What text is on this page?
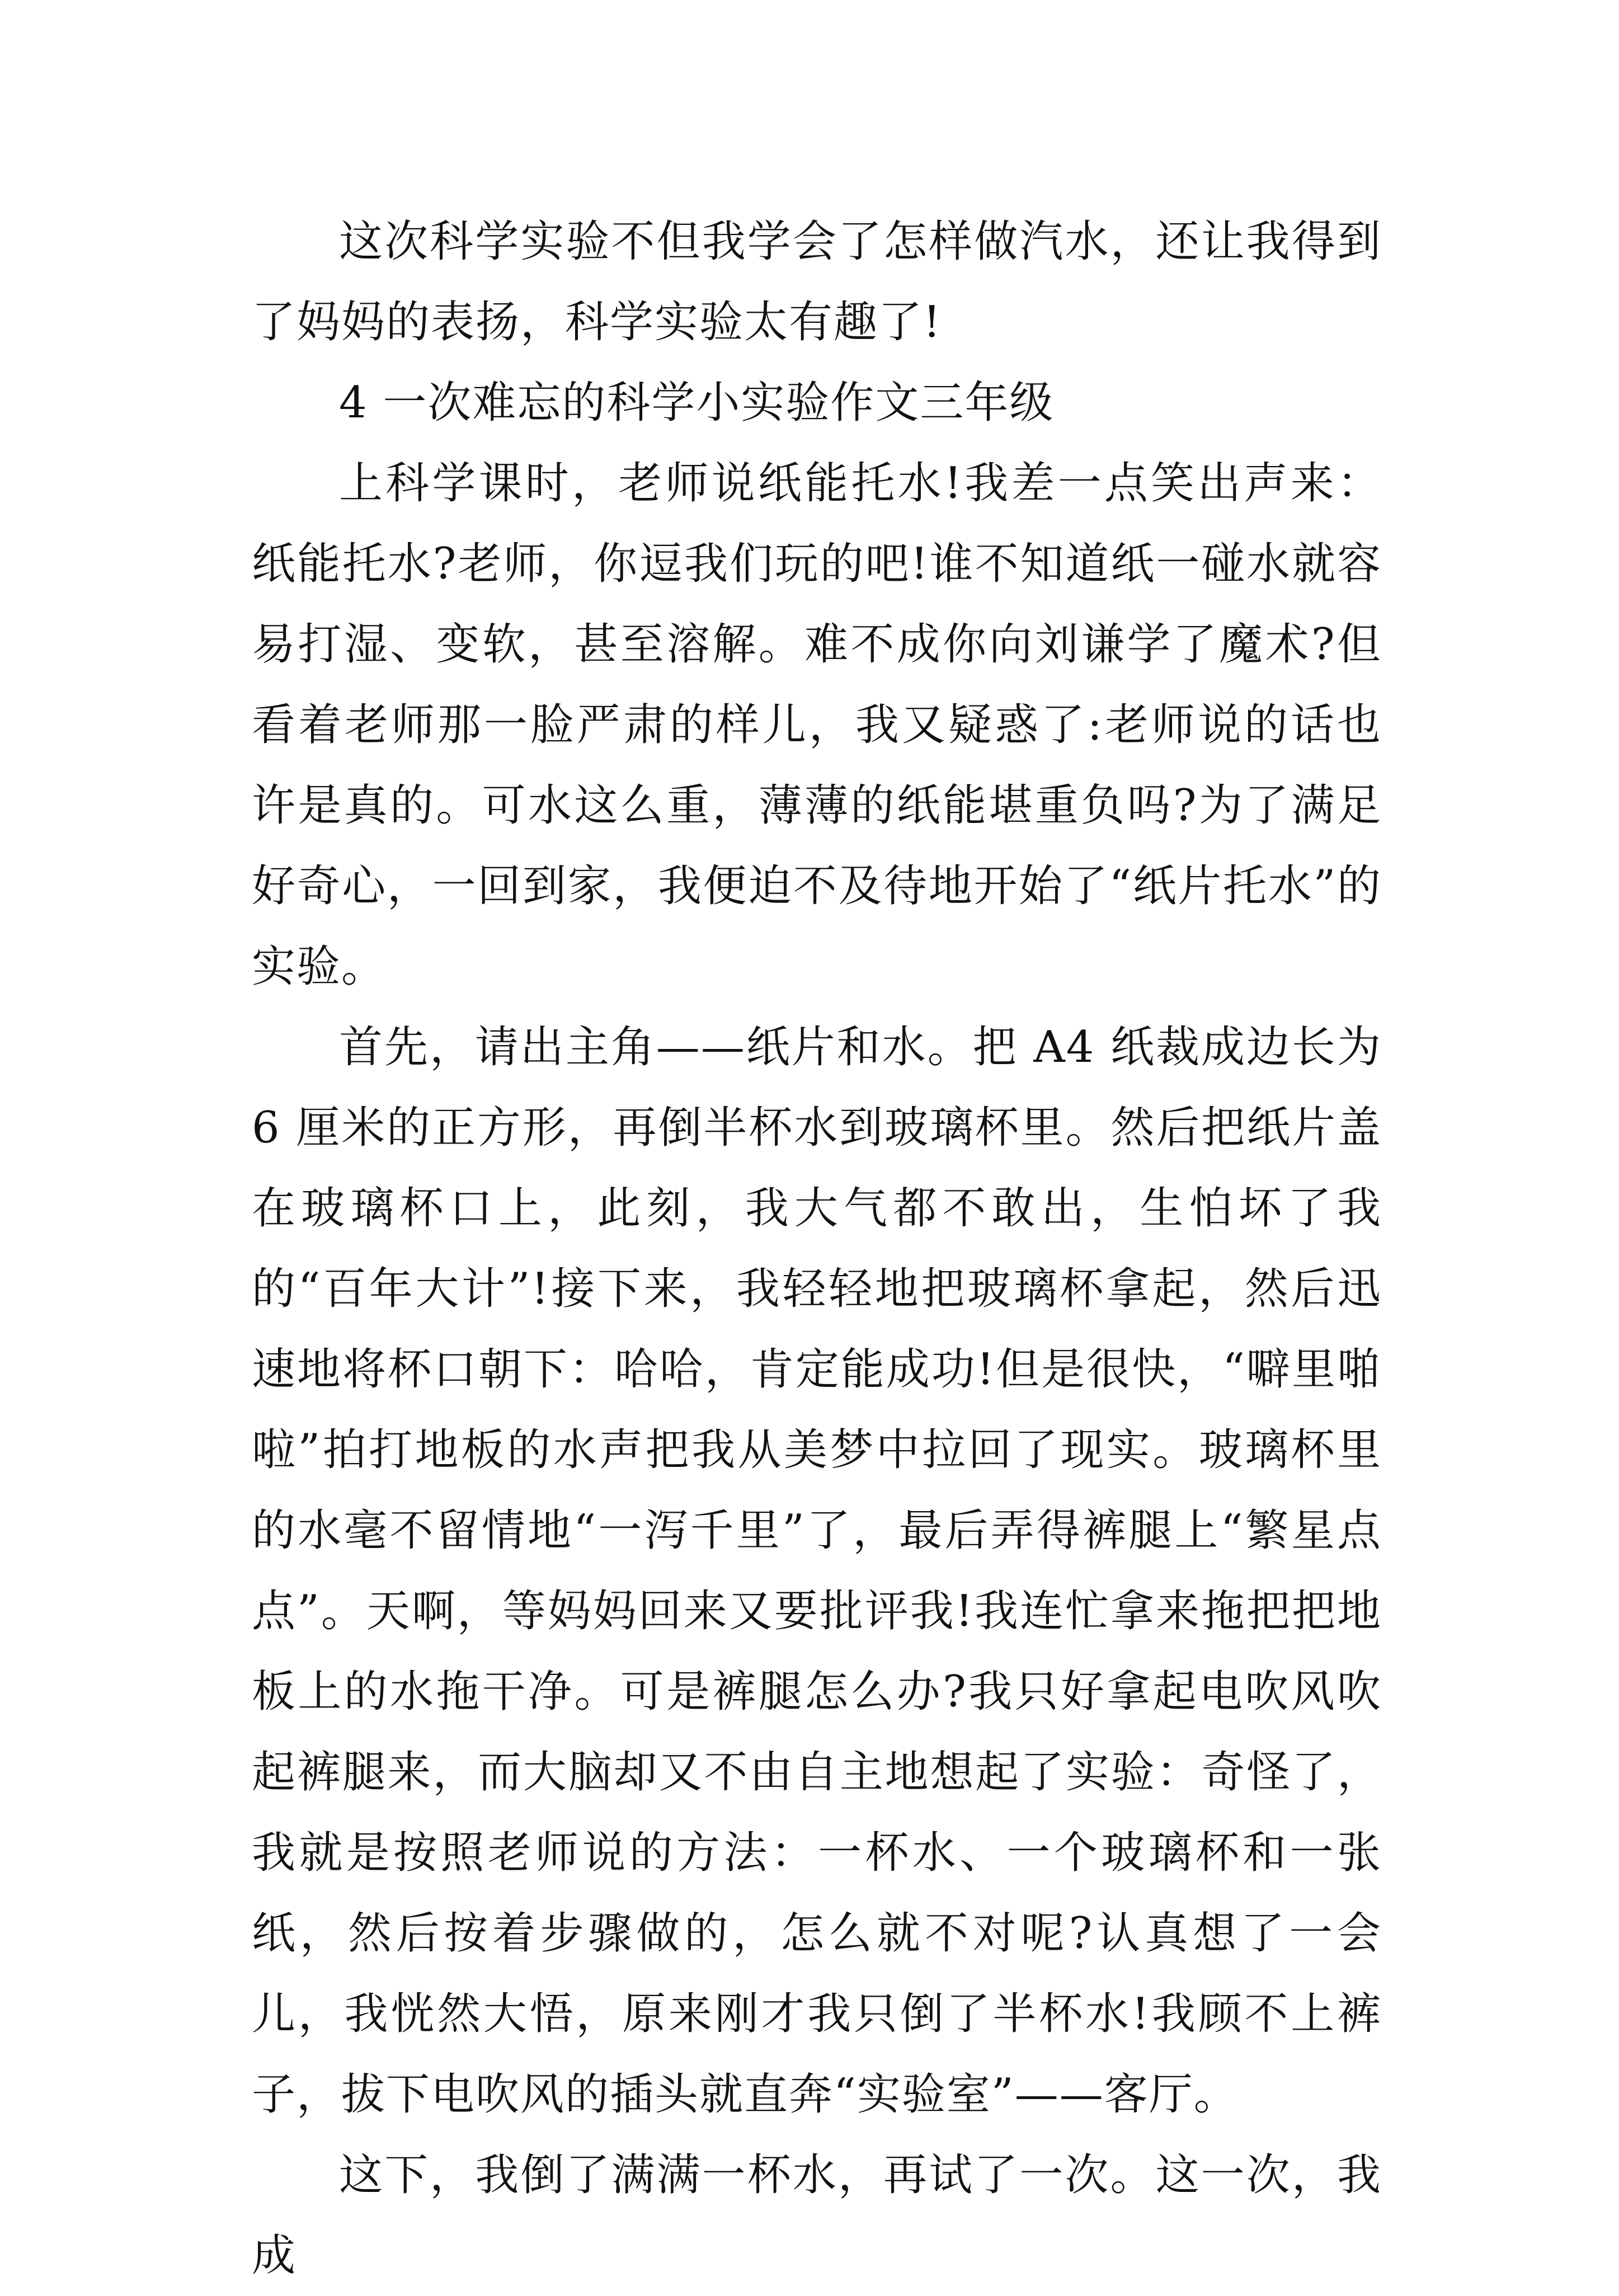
这次科学实验不但我学会了怎样做汽水，还让我得到了妈妈的表扬，科学实验太有趣了!

4 一次难忘的科学小实验作文三年级

上科学课时，老师说纸能托水!我差一点笑出声来：纸能托水?老师，你逗我们玩的吧!谁不知道纸一碰水就容易打湿、变软，甚至溶解。难不成你向刘谦学了魔术?但看着老师那一脸严肃的样儿，我又疑惑了:老师说的话也许是真的。可水这么重，薄薄的纸能堪重负吗?为了满足好奇心，一回到家，我便迫不及待地开始了“纸片托水”的实验。

首先，请出主角——纸片和水。把 A4 纸裁成边长为 6 厘米的正方形，再倒半杯水到玻璃杯里。然后把纸片盖在玻璃杯口上，此刻，我大气都不敢出，生怕坏了我的“百年大计”!接下来，我轻轻地把玻璃杯拿起，然后迅速地将杯口朝下：哈哈，肯定能成功!但是很快，“噼里啪啦”拍打地板的水声把我从美梦中拉回了现实。玻璃杯里的水毫不留情地“一泻千里”了，最后弄得裤腿上“繁星点点”。天啊，等妈妈回来又要批评我!我连忙拿来拖把把地板上的水拖干净。可是裤腿怎么办?我只好拿起电吹风吹起裤腿来，而大脑却又不由自主地想起了实验：奇怪了，我就是按照老师说的方法：一杯水、一个玻璃杯和一张纸，然后按着步骤做的，怎么就不对呢?认真想了一会儿，我恍然大悟，原来刚才我只倒了半杯水!我顾不上裤子，拔下电吹风的插头就直奔“实验室”——客厅。

这下，我倒了满满一杯水，再试了一次。这一次，我成
